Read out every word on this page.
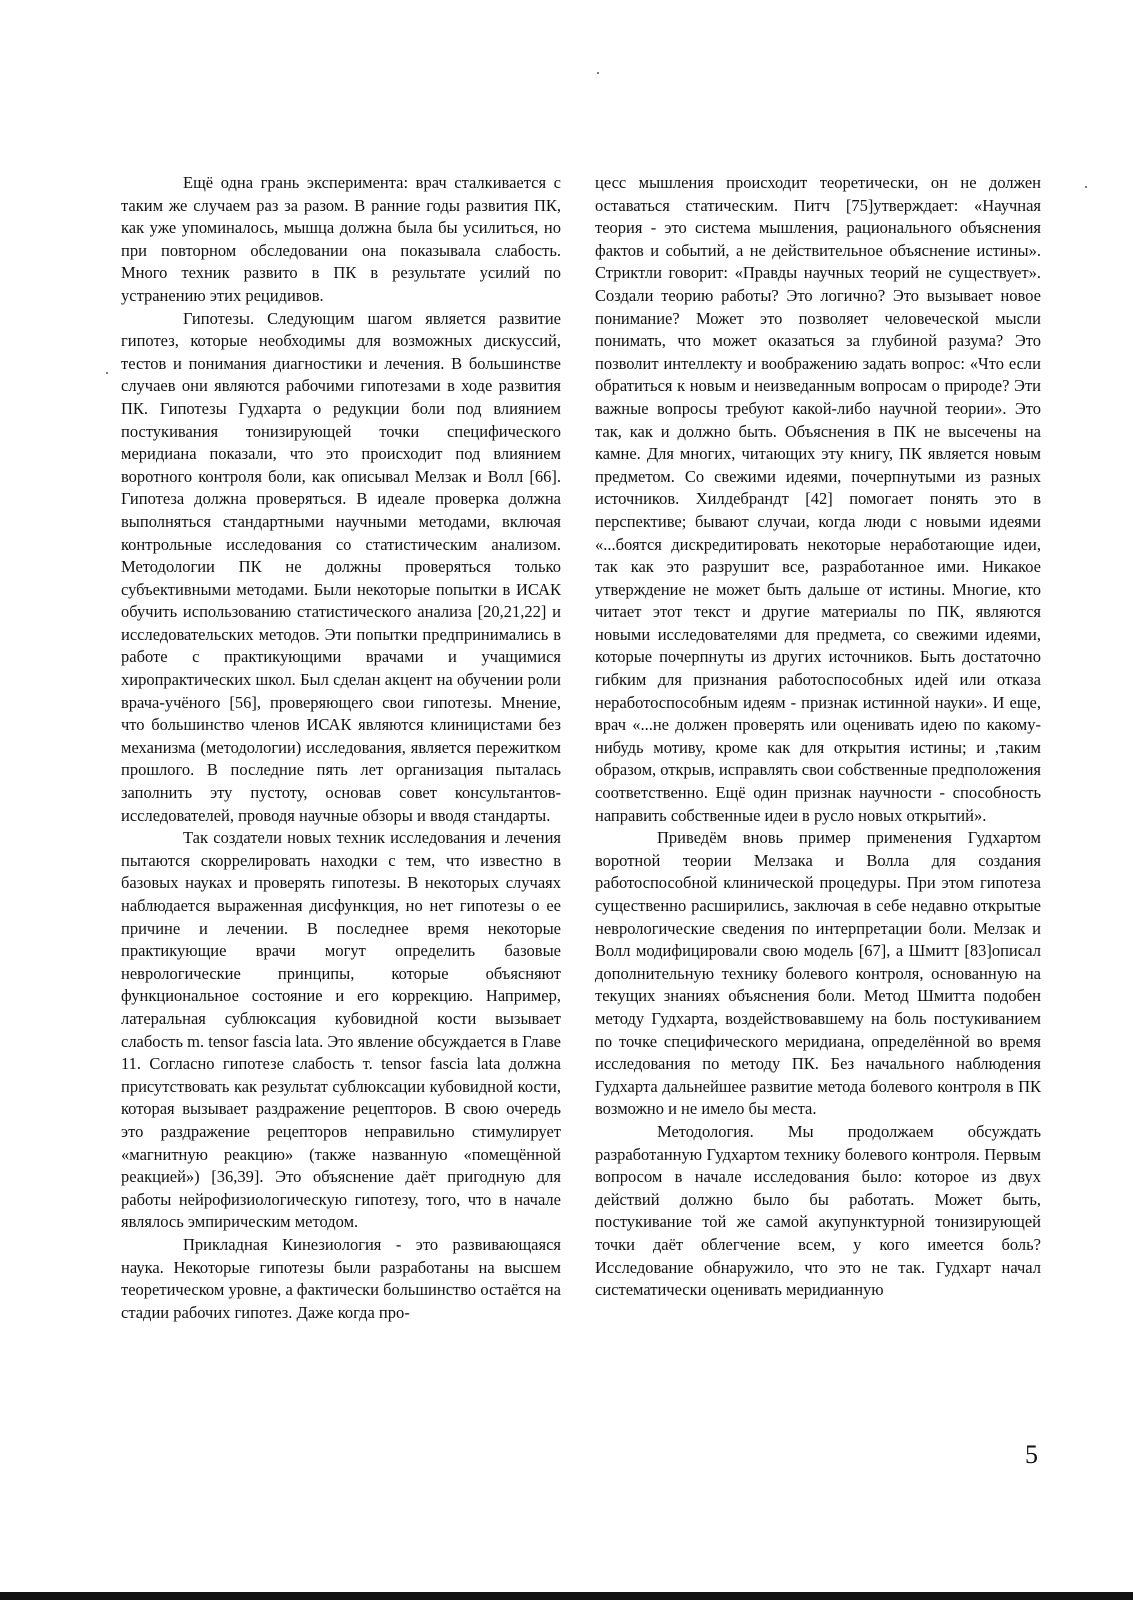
Ещё одна грань эксперимента: врач сталкивается с таким же случаем раз за разом. В ранние годы развития ПК, как уже упоминалось, мышца должна была бы усилиться, но при повторном обследовании она показывала слабость. Много техник развито в ПК в результате усилий по устранению этих рецидивов.

Гипотезы. Следующим шагом является развитие гипотез, которые необходимы для возможных дискуссий, тестов и понимания диагностики и лечения. В большинстве случаев они являются рабочими гипотезами в ходе развития ПК. Гипотезы Гудхарта о редукции боли под влиянием постукивания тонизирующей точки специфического меридиана показали, что это происходит под влиянием воротного контроля боли, как описывал Мелзак и Волл [66]. Гипотеза должна проверяться. В идеале проверка должна выполняться стандартными научными методами, включая контрольные исследования со статистическим анализом. Методологии ПК не должны проверяться только субъективными методами. Были некоторые попытки в ИСАК обучить использованию статистического анализа [20,21,22] и исследовательских методов. Эти попытки предпринимались в работе с практикующими врачами и учащимися хиропрактических школ. Был сделан акцент на обучении роли врача-учёного [56], проверяющего свои гипотезы. Мнение, что большинство членов ИСАК являются клиницистами без механизма (методологии) исследования, является пережитком прошлого. В последние пять лет организация пыталась заполнить эту пустоту, основав совет консультантов-исследователей, проводя научные обзоры и вводя стандарты.

Так создатели новых техник исследования и лечения пытаются скоррелировать находки с тем, что известно в базовых науках и проверять гипотезы. В некоторых случаях наблюдается выраженная дисфункция, но нет гипотезы о ее причине и лечении. В последнее время некоторые практикующие врачи могут определить базовые неврологические принципы, которые объясняют функциональное состояние и его коррекцию. Например, латеральная сублюксация кубовидной кости вызывает слабость m. tensor fascia lata. Это явление обсуждается в Главе 11. Согласно гипотезе слабость т. tensor fascia lata должна присутствовать как результат сублюксации кубовидной кости, которая вызывает раздражение рецепторов. В свою очередь это раздражение рецепторов неправильно стимулирует «магнитную реакцию» (также названную «помещённой реакцией») [36,39]. Это объяснение даёт пригодную для работы нейрофизиологическую гипотезу, того, что в начале являлось эмпирическим методом.

Прикладная Кинезиология - это развивающаяся наука. Некоторые гипотезы были разработаны на высшем теоретическом уровне, а фактически большинство остаётся на стадии рабочих гипотез. Даже когда про-

цесс мышления происходит теоретически, он не должен оставаться статическим. Питч [75]утверждает: «Научная теория - это система мышления, рационального объяснения фактов и событий, а не действительное объяснение истины». Стриктли говорит: «Правды научных теорий не существует». Создали теорию работы? Это логично? Это вызывает новое понимание? Может это позволяет человеческой мысли понимать, что может оказаться за глубиной разума? Это позволит интеллекту и воображению задать вопрос: «Что если обратиться к новым и неизведанным вопросам о природе? Эти важные вопросы требуют какой-либо научной теории». Это так, как и должно быть. Объяснения в ПК не высечены на камне. Для многих, читающих эту книгу, ПК является новым предметом. Со свежими идеями, почерпнутыми из разных источников. Хилдебрандт [42] помогает понять это в перспективе; бывают случаи, когда люди с новыми идеями «...боятся дискредитировать некоторые неработающие идеи, так как это разрушит все, разработанное ими. Никакое утверждение не может быть дальше от истины. Многие, кто читает этот текст и другие материалы по ПК, являются новыми исследователями для предмета, со свежими идеями, которые почерпнуты из других источников. Быть достаточно гибким для признания работоспособных идей или отказа неработоспособным идеям - признак истинной науки». И еще, врач «...не должен проверять или оценивать идею по какому-нибудь мотиву, кроме как для открытия истины; и ,таким образом, открыв, исправлять свои собственные предположения соответственно. Ещё один признак научности - способность направить собственные идеи в русло новых открытий».

Приведём вновь пример применения Гудхартом воротной теории Мелзака и Волла для создания работоспособной клинической процедуры. При этом гипотеза существенно расширились, заключая в себе недавно открытые неврологические сведения по интерпретации боли. Мелзак и Волл модифицировали свою модель [67], а Шмитт [83]описал дополнительную технику болевого контроля, основанную на текущих знаниях объяснения боли. Метод Шмитта подобен методу Гудхарта, воздействовавшему на боль постукиванием по точке специфического меридиана, определённой во время исследования по методу ПК. Без начального наблюдения Гудхарта дальнейшее развитие метода болевого контроля в ПК возможно и не имело бы места.

Методология. Мы продолжаем обсуждать разработанную Гудхартом технику болевого контроля. Первым вопросом в начале исследования было: которое из двух действий должно было бы работать. Может быть, постукивание той же самой акупунктурной тонизирующей точки даёт облегчение всем, у кого имеется боль? Исследование обнаружило, что это не так. Гудхарт начал систематически оценивать меридианную

5
